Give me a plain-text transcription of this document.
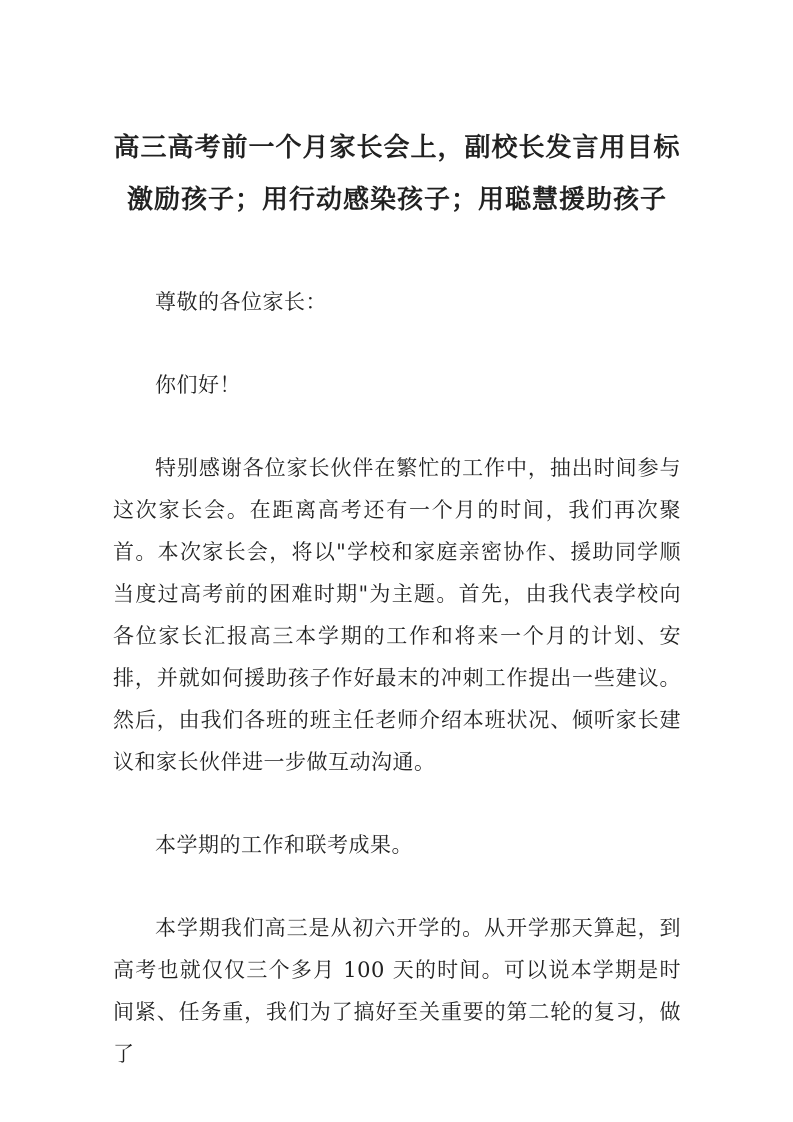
高三高考前一个月家长会上，副校长发言用目标
激励孩子；用行动感染孩子；用聪慧援助孩子

尊敬的各位家长：

你们好！

特别感谢各位家长伙伴在繁忙的工作中，抽出时间参与这次家长会。在距离高考还有一个月的时间，我们再次聚首。本次家长会，将以"学校和家庭亲密协作、援助同学顺当度过高考前的困难时期"为主题。首先，由我代表学校向各位家长汇报高三本学期的工作和将来一个月的计划、安排，并就如何援助孩子作好最末的冲刺工作提出一些建议。然后，由我们各班的班主任老师介绍本班状况、倾听家长建议和家长伙伴进一步做互动沟通。

本学期的工作和联考成果。

本学期我们高三是从初六开学的。从开学那天算起，到高考也就仅仅三个多月 100 天的时间。可以说本学期是时间紧、任务重，我们为了搞好至关重要的第二轮的复习，做了
